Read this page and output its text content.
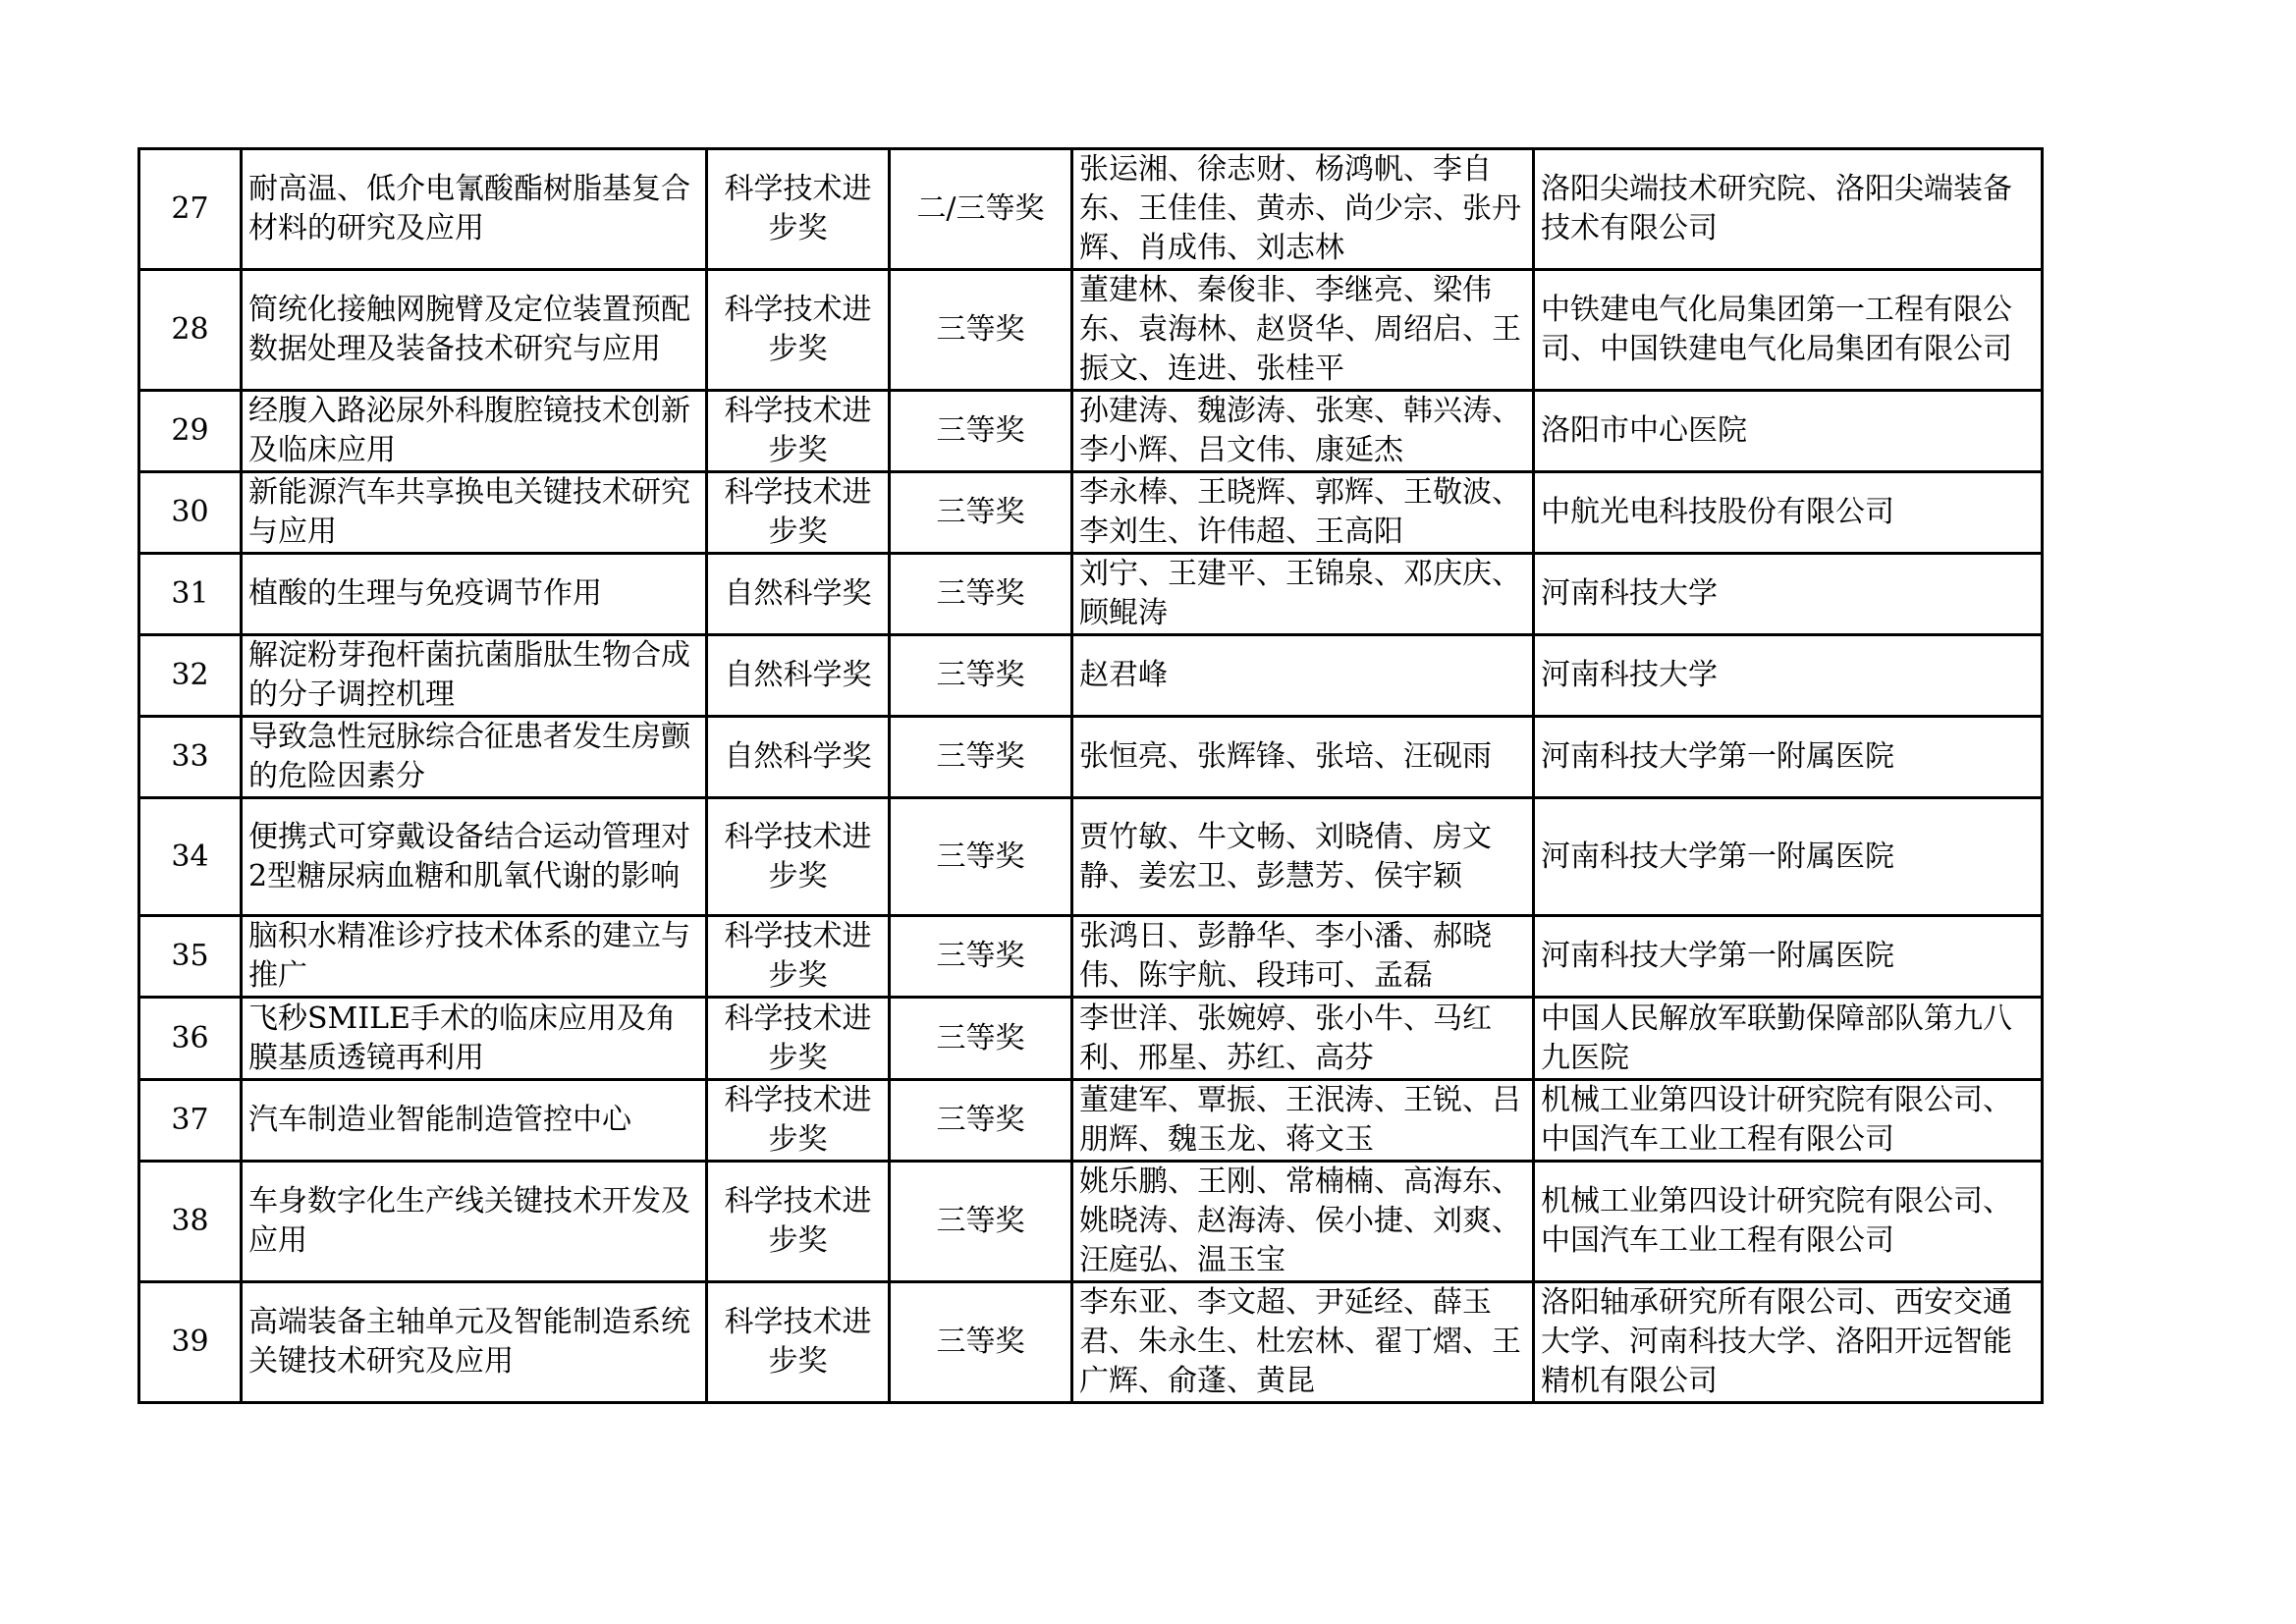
27	耐高温、低介电氰酸酯树脂基复合材料的研究及应用	科学技术进步奖	二/三等奖	张运湘、徐志财、杨鸿帆、李自东、王佳佳、黄赤、尚少宗、张丹辉、肖成伟、刘志林	洛阳尖端技术研究院、洛阳尖端装备技术有限公司
28	简统化接触网腕臂及定位装置预配数据处理及装备技术研究与应用	科学技术进步奖	三等奖	董建林、秦俊非、李继亮、梁伟东、袁海林、赵贤华、周绍启、王振文、连进、张桂平	中铁建电气化局集团第一工程有限公司、中国铁建电气化局集团有限公司
29	经腹入路泌尿外科腹腔镜技术创新及临床应用	科学技术进步奖	三等奖	孙建涛、魏澎涛、张寒、韩兴涛、李小辉、吕文伟、康延杰	洛阳市中心医院
30	新能源汽车共享换电关键技术研究与应用	科学技术进步奖	三等奖	李永棒、王晓辉、郭辉、王敬波、李刘生、许伟超、王高阳	中航光电科技股份有限公司
31	植酸的生理与免疫调节作用	自然科学奖	三等奖	刘宁、王建平、王锦泉、邓庆庆、顾鲲涛	河南科技大学
32	解淀粉芽孢杆菌抗菌脂肽生物合成的分子调控机理	自然科学奖	三等奖	赵君峰	河南科技大学
33	导致急性冠脉综合征患者发生房颤的危险因素分	自然科学奖	三等奖	张恒亮、张辉锋、张培、汪砚雨	河南科技大学第一附属医院
34	便携式可穿戴设备结合运动管理对2型糖尿病血糖和肌氧代谢的影响	科学技术进步奖	三等奖	贾竹敏、牛文畅、刘晓倩、房文静、姜宏卫、彭慧芳、侯宇颖	河南科技大学第一附属医院
35	脑积水精准诊疗技术体系的建立与推广	科学技术进步奖	三等奖	张鸿日、彭静华、李小潘、郝晓伟、陈宇航、段玮可、孟磊	河南科技大学第一附属医院
36	飞秒SMILE手术的临床应用及角膜基质透镜再利用	科学技术进步奖	三等奖	李世洋、张婉婷、张小牛、马红利、邢星、苏红、高芬	中国人民解放军联勤保障部队第九八九医院
37	汽车制造业智能制造管控中心	科学技术进步奖	三等奖	董建军、覃振、王泯涛、王锐、吕朋辉、魏玉龙、蒋文玉	机械工业第四设计研究院有限公司、中国汽车工业工程有限公司
38	车身数字化生产线关键技术开发及应用	科学技术进步奖	三等奖	姚乐鹏、王刚、常楠楠、高海东、姚晓涛、赵海涛、侯小捷、刘爽、汪庭弘、温玉宝	机械工业第四设计研究院有限公司、中国汽车工业工程有限公司
39	高端装备主轴单元及智能制造系统关键技术研究及应用	科学技术进步奖	三等奖	李东亚、李文超、尹延经、薛玉君、朱永生、杜宏林、翟丁熠、王广辉、俞蓬、黄昆	洛阳轴承研究所有限公司、西安交通大学、河南科技大学、洛阳开远智能精机有限公司
